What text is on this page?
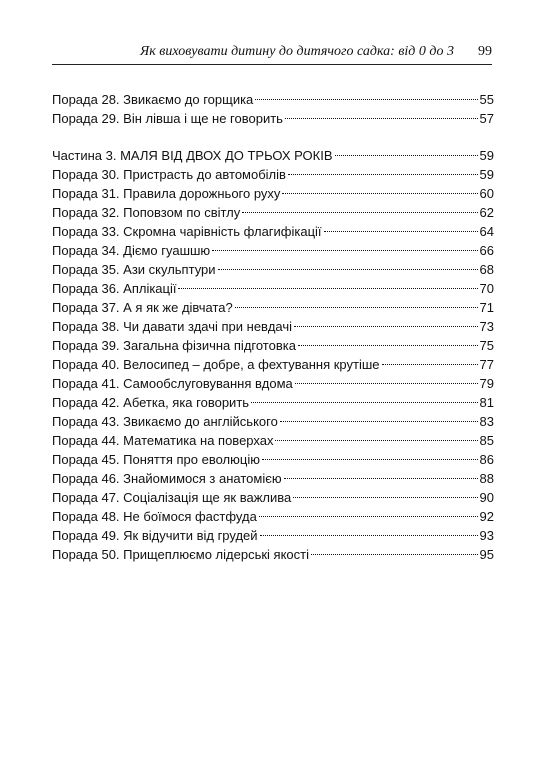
Як виховувати дитину до дитячого садка: від 0 до 3 99
Порада 28. Звикаємо до горщика	55
Порада 29. Він лівша і ще не говорить	57
Частина 3. МАЛЯ ВІД ДВОХ ДО ТРЬОХ РОКІВ	59
Порада 30. Пристрасть до автомобілів	59
Порада 31. Правила дорожнього руху	60
Порада 32. Поповзом по світлу	62
Порада 33. Скромна чарівність флагифікації	64
Порада 34. Діємо гуашшю	66
Порада 35. Ази скульптури	68
Порада 36. Аплікації	70
Порада 37. А я як же дівчата?	71
Порада 38. Чи давати здачі при невдачі	73
Порада 39. Загальна фізична підготовка	75
Порада 40. Велосипед – добре, а фехтування крутіше	77
Порада 41. Самообслуговування вдома	79
Порада 42. Абетка, яка говорить	81
Порада 43. Звикаємо до англійського	83
Порада 44. Математика на поверхах	85
Порада 45. Поняття про еволюцію	86
Порада 46. Знайомимося з анатомією	88
Порада 47. Соціалізація ще як важлива	90
Порада 48. Не боїмося фастфуда	92
Порада 49. Як відучити від грудей	93
Порада 50. Прищеплюємо лідерські якості	95
